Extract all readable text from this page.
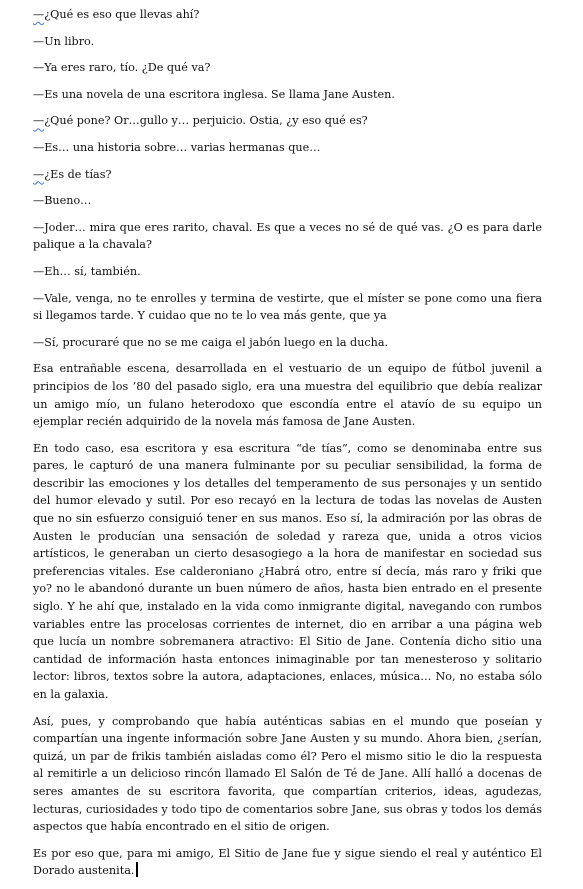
—¿Qué es eso que llevas ahí?

—Un libro.

—Ya eres raro, tío. ¿De qué va?

—Es una novela de una escritora inglesa. Se llama Jane Austen.

—¿Qué pone? Or…gullo y… perjuicio. Ostia, ¿y eso qué es?

—Es… una historia sobre… varias hermanas que…

—¿Es de tías?

—Bueno…

—Joder… mira que eres rarito, chaval. Es que a veces no sé de qué vas. ¿O es para darle palique a la chavala?

—Eh… sí, también.

—Vale, venga, no te enrolles y termina de vestirte, que el míster se pone como una fiera si llegamos tarde. Y cuidao que no te lo vea más gente, que ya

—Sí, procuraré que no se me caiga el jabón luego en la ducha.

Esa entrañable escena, desarrollada en el vestuario de un equipo de fútbol juvenil a principios de los ’80 del pasado siglo, era una muestra del equilibrio que debía realizar un amigo mío, un fulano heterodoxo que escondía entre el atavío de su equipo un ejemplar recién adquirido de la novela más famosa de Jane Austen.

En todo caso, esa escritora y esa escritura “de tías”, como se denominaba entre sus pares, le capturó de una manera fulminante por su peculiar sensibilidad, la forma de describir las emociones y los detalles del temperamento de sus personajes y un sentido del humor elevado y sutil. Por eso recayó en la lectura de todas las novelas de Austen que no sin esfuerzo consiguió tener en sus manos. Eso sí, la admiración por las obras de Austen le producían una sensación de soledad y rareza que, unida a otros vicios artísticos, le generaban un cierto desasogiego a la hora de manifestar en sociedad sus preferencias vitales. Ese calderoniano ¿Habrá otro, entre sí decía, más raro y friki que yo? no le abandonó durante un buen número de años, hasta bien entrado en el presente siglo. Y he ahí que, instalado en la vida como inmigrante digital, navegando con rumbos variables entre las procelosas corrientes de internet, dio en arribar a una página web que lucía un nombre sobremanera atractivo: El Sitio de Jane. Contenía dicho sitio una cantidad de información hasta entonces inimaginable por tan menesteroso y solitario lector: libros, textos sobre la autora, adaptaciones, enlaces, música… No, no estaba sólo en la galaxia.

Así, pues, y comprobando que había auténticas sabias en el mundo que poseían y compartían una ingente información sobre Jane Austen y su mundo. Ahora bien, ¿serían, quizá, un par de frikis también aisladas como él? Pero el mismo sitio le dio la respuesta al remitirle a un delicioso rincón llamado El Salón de Té de Jane. Allí halló a docenas de seres amantes de su escritora favorita, que compartían criterios, ideas, agudezas, lecturas, curiosidades y todo tipo de comentarios sobre Jane, sus obras y todos los demás aspectos que había encontrado en el sitio de origen.

Es por eso que, para mi amigo, El Sitio de Jane fue y sigue siendo el real y auténtico El Dorado austenita.
